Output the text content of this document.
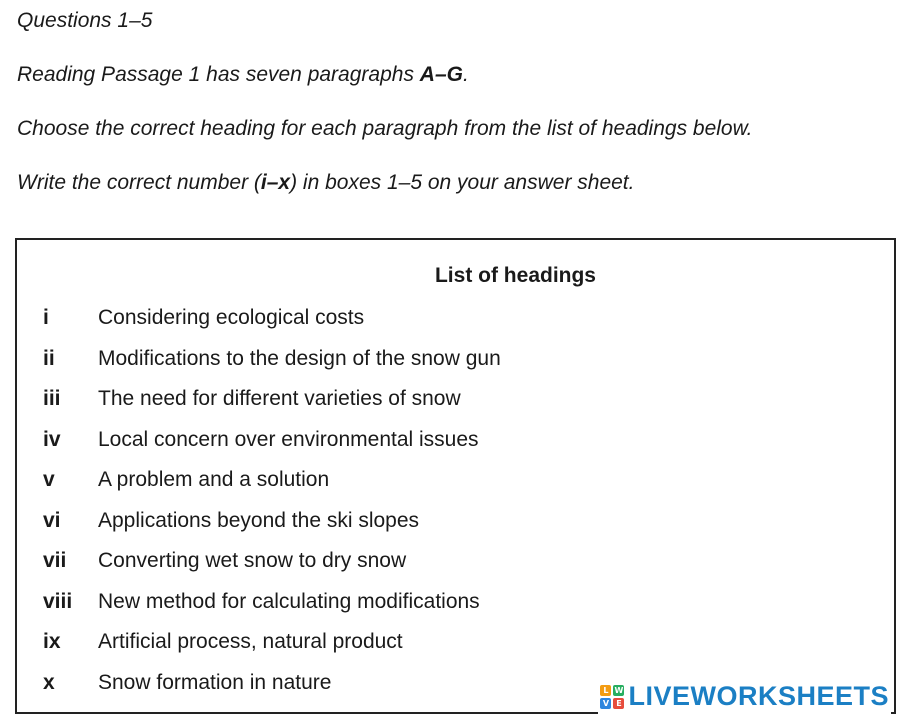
Questions 1–5
Reading Passage 1 has seven paragraphs A–G.
Choose the correct heading for each paragraph from the list of headings below.
Write the correct number (i–x) in boxes 1–5 on your answer sheet.
List of headings
i	Considering ecological costs
ii	Modifications to the design of the snow gun
iii	The need for different varieties of snow
iv	Local concern over environmental issues
v	A problem and a solution
vi	Applications beyond the ski slopes
vii	Converting wet snow to dry snow
viii	New method for calculating modifications
ix	Artificial process, natural product
x	Snow formation in nature	L W
V E LIVEWORKSHEETS
